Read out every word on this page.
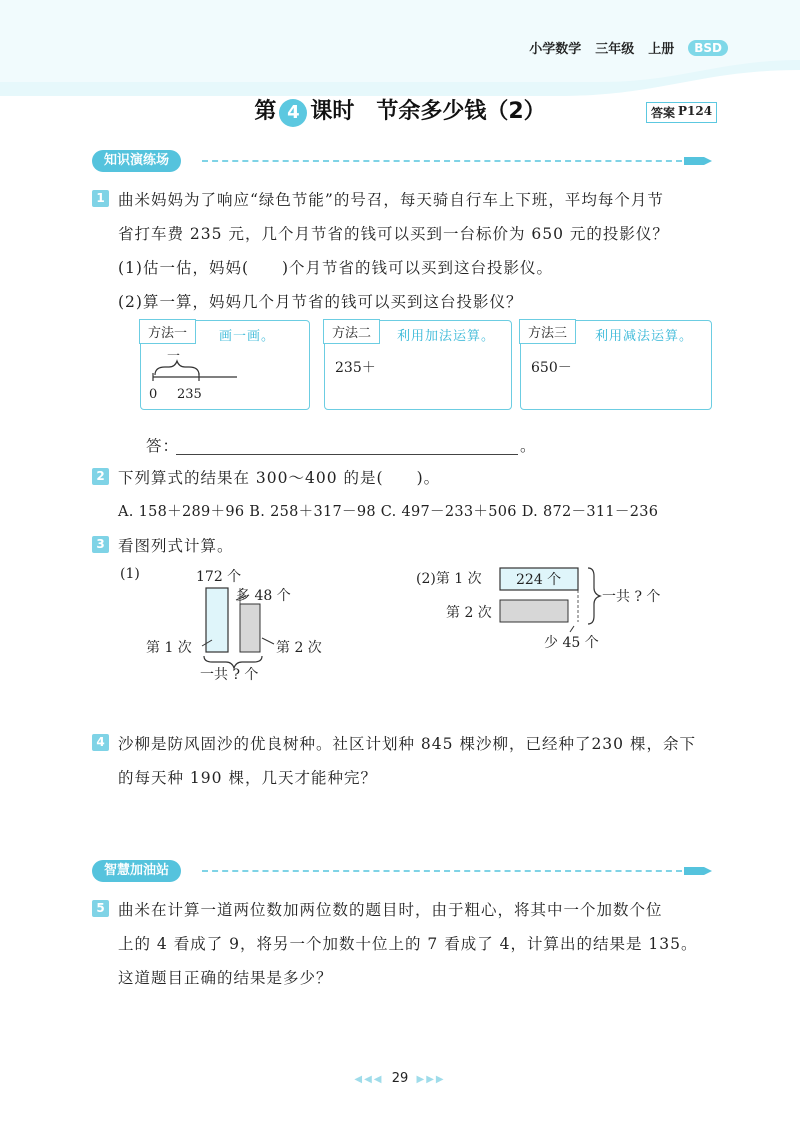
小学数学 三年级 上册	BSD
第 4 课时　 节余多少钱（2）	答案 P124
知识演练场
1 曲米妈妈为了响应“绿色节能”的号召，每天骑自行车上下班，平均每个月节
省打车费 235 元，几个月节省的钱可以买到一台标价为 650 元的投影仪？
(1)估一估，妈妈(　　)个月节省的钱可以买到这台投影仪。
(2)算一算，妈妈几个月节省的钱可以买到这台投影仪？
方法一	画一画。
一
0 235
方法二	利用加法运算。
235＋
方法三	利用减法运算。
650－
答：	。
2 下列算式的结果在 300～400 的是(　　)。
A. 158＋289＋96 B. 258＋317－98 C. 497－233＋506 D. 872－311－236
3 看图列式计算。
(1)	172 个
多 48 个
第 1 次	第 2 次
一共 ? 个
(2)第 1 次 224 个
第 2 次
一共 ? 个
少 45 个
4 沙柳是防风固沙的优良树种。社区计划种 845 棵沙柳，已经种了230 棵，余下
的每天种 190 棵，几天才能种完？
智慧加油站
5 曲米在计算一道两位数加两位数的题目时，由于粗心，将其中一个加数个位
上的 4 看成了 9，将另一个加数十位上的 7 看成了 4，计算出的结果是 135。
这道题目正确的结果是多少？
◀◀◀ 29 ▶▶▶
